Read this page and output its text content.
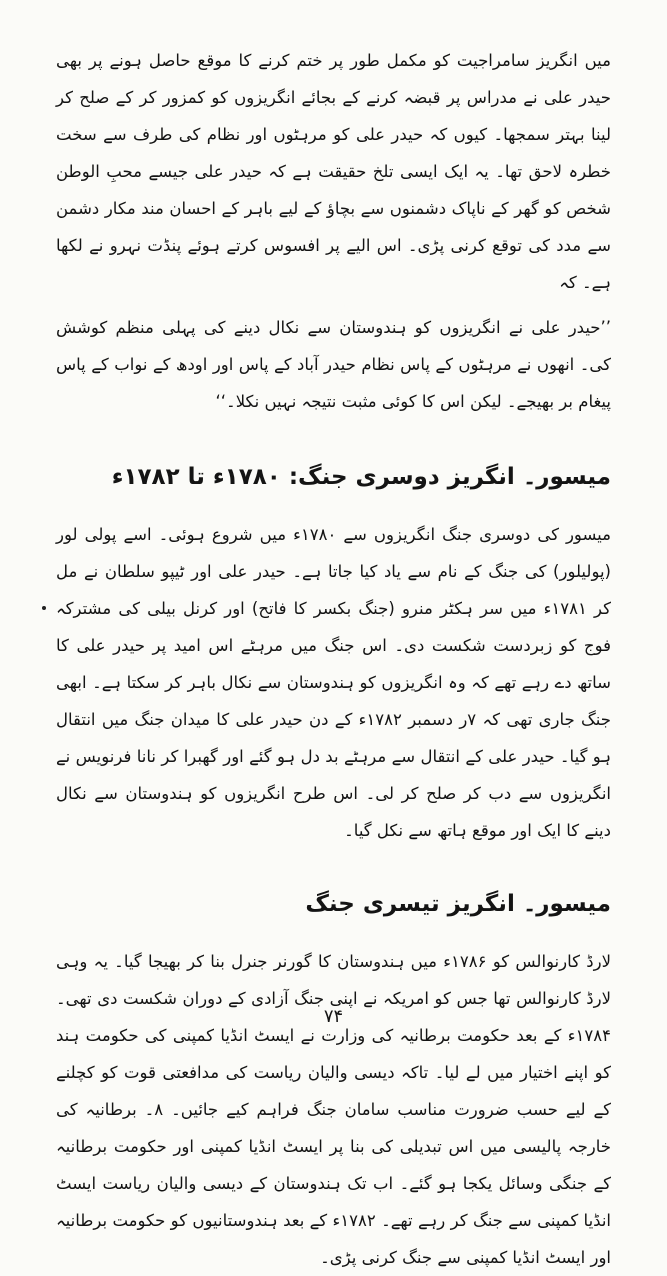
میں انگریز سامراجیت کو مکمل طور پر ختم کرنے کا موقع حاصل ہونے پر بھی حیدر علی نے مدراس پر قبضہ کرنے کے بجائے انگریزوں کو کمزور کر کے صلح کر لینا بہتر سمجھا۔ کیوں کہ حیدر علی کو مرہٹوں اور نظام کی طرف سے سخت خطرہ لاحق تھا۔ یہ ایک ایسی تلخ حقیقت ہے کہ حیدر علی جیسے محبِ الوطن شخص کو گھر کے ناپاک دشمنوں سے بچاؤ کے لیے باہر کے احسان مند مکار دشمن سے مدد کی توقع کرنی پڑی۔ اس الیے پر افسوس کرتے ہوئے پنڈت نہرو نے لکھا ہے۔ کہ

’’حیدر علی نے انگریزوں کو ہندوستان سے نکال دینے کی پہلی منظم کوشش کی۔ انھوں نے مرہٹوں کے پاس نظام حیدر آباد کے پاس اور اودھ کے نواب کے پاس پیغام بر بھیجے۔ لیکن اس کا کوئی مثبت نتیجہ نہیں نکلا۔‘‘

میسور۔ انگریز دوسری جنگ: ۱۷۸۰ء تا ۱۷۸۲ء

میسور کی دوسری جنگ انگریزوں سے ۱۷۸۰ء میں شروع ہوئی۔ اسے پولی لور (پولیلور) کی جنگ کے نام سے یاد کیا جاتا ہے۔ حیدر علی اور ٹیپو سلطان نے مل کر ۱۷۸۱ء میں سر ہکٹر منرو (جنگ بکسر کا فاتح) اور کرنل بیلی کی مشترکہ فوج کو زبردست شکست دی۔ اس جنگ میں مرہٹے اس امید پر حیدر علی کا ساتھ دے رہے تھے کہ وہ انگریزوں کو ہندوستان سے نکال باہر کر سکتا ہے۔ ابھی جنگ جاری تھی کہ ۷ر دسمبر ۱۷۸۲ء کے دن حیدر علی کا میدان جنگ میں انتقال ہو گیا۔ حیدر علی کے انتقال سے مرہٹے بد دل ہو گئے اور گھبرا کر نانا فرنویس نے انگریزوں سے دب کر صلح کر لی۔ اس طرح انگریزوں کو ہندوستان سے نکال دینے کا ایک اور موقع ہاتھ سے نکل گیا۔

میسور۔ انگریز تیسری جنگ

لارڈ کارنوالس کو ۱۷۸۶ء میں ہندوستان کا گورنر جنرل بنا کر بھیجا گیا۔ یہ وہی لارڈ کارنوالس تھا جس کو امریکہ نے اپنی جنگ آزادی کے دوران شکست دی تھی۔ ۱۷۸۴ء کے بعد حکومت برطانیہ کی وزارت نے ایسٹ انڈیا کمپنی کی حکومت ہند کو اپنے اختیار میں لے لیا۔ تاکہ دیسی والیان ریاست کی مدافعتی قوت کو کچلنے کے لیے حسب ضرورت مناسب سامان جنگ فراہم کیے جائیں۔ ۸۔ برطانیہ کی خارجہ پالیسی میں اس تبدیلی کی بنا پر ایسٹ انڈیا کمپنی اور حکومت برطانیہ کے جنگی وسائل یکجا ہو گئے۔ اب تک ہندوستان کے دیسی والیان ریاست ایسٹ انڈیا کمپنی سے جنگ کر رہے تھے۔ ۱۷۸۲ء کے بعد ہندوستانیوں کو حکومت برطانیہ اور ایسٹ انڈیا کمپنی سے جنگ کرنی پڑی۔

۷۴
